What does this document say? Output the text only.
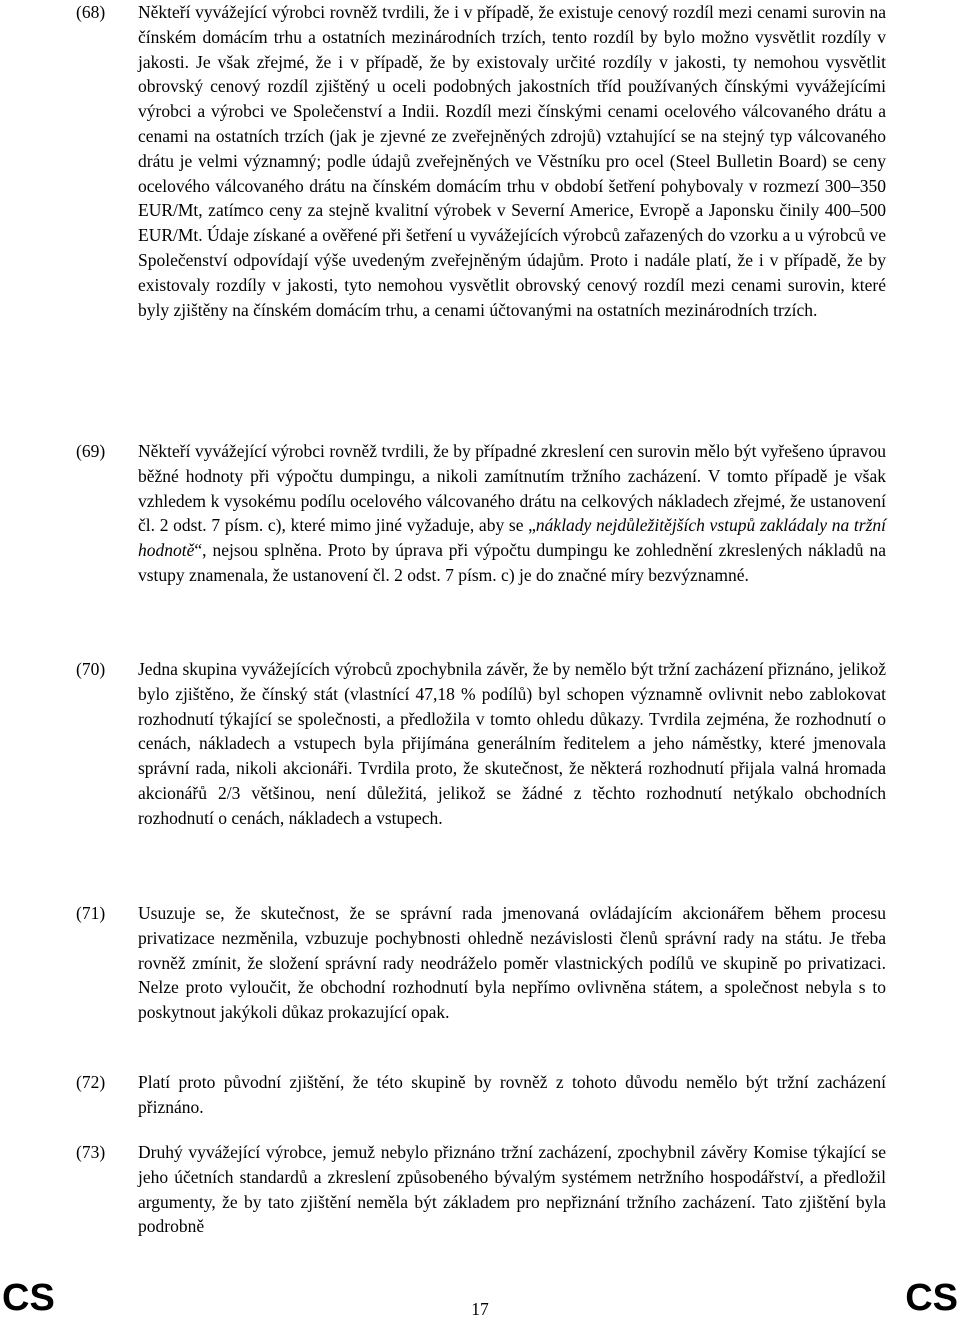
(68) Někteří vyvážející výrobci rovněž tvrdili, že i v případě, že existuje cenový rozdíl mezi cenami surovin na čínském domácím trhu a ostatních mezinárodních trzích, tento rozdíl by bylo možno vysvětlit rozdíly v jakosti. Je však zřejmé, že i v případě, že by existovaly určité rozdíly v jakosti, ty nemohou vysvětlit obrovský cenový rozdíl zjištěný u oceli podobných jakostních tříd používaných čínskými vyvážejícími výrobci a výrobci ve Společenství a Indii. Rozdíl mezi čínskými cenami ocelového válcovaného drátu a cenami na ostatních trzích (jak je zjevné ze zveřejněných zdrojů) vztahující se na stejný typ válcovaného drátu je velmi významný; podle údajů zveřejněných ve Věstníku pro ocel (Steel Bulletin Board) se ceny ocelového válcovaného drátu na čínském domácím trhu v období šetření pohybovaly v rozmezí 300–350 EUR/Mt, zatímco ceny za stejně kvalitní výrobek v Severní Americe, Evropě a Japonsku činily 400–500 EUR/Mt. Údaje získané a ověřené při šetření u vyvážejících výrobců zařazených do vzorku a u výrobců ve Společenství odpovídají výše uvedeným zveřejněným údajům. Proto i nadále platí, že i v případě, že by existovaly rozdíly v jakosti, tyto nemohou vysvětlit obrovský cenový rozdíl mezi cenami surovin, které byly zjištěny na čínském domácím trhu, a cenami účtovanými na ostatních mezinárodních trzích.
(69) Někteří vyvážející výrobci rovněž tvrdili, že by případné zkreslení cen surovin mělo být vyřešeno úpravou běžné hodnoty při výpočtu dumpingu, a nikoli zamítnutím tržního zacházení. V tomto případě je však vzhledem k vysokému podílu ocelového válcovaného drátu na celkových nákladech zřejmé, že ustanovení čl. 2 odst. 7 písm. c), které mimo jiné vyžaduje, aby se „náklady nejdůležitějších vstupů zakládaly na tržní hodnotě“, nejsou splněna. Proto by úprava při výpočtu dumpingu ke zohlednění zkreslených nákladů na vstupy znamenala, že ustanovení čl. 2 odst. 7 písm. c) je do značné míry bezvýznamné.
(70) Jedna skupina vyvážejících výrobců zpochybnila závěr, že by nemělo být tržní zacházení přiznáno, jelikož bylo zjištěno, že čínský stát (vlastnící 47,18 % podílů) byl schopen významně ovlivnit nebo zablokovat rozhodnutí týkající se společnosti, a předložila v tomto ohledu důkazy. Tvrdila zejména, že rozhodnutí o cenách, nákladech a vstupech byla přijímána generálním ředitelem a jeho náměstky, které jmenovala správní rada, nikoli akcionáři. Tvrdila proto, že skutečnost, že některá rozhodnutí přijala valná hromada akcionářů 2/3 většinou, není důležitá, jelikož se žádné z těchto rozhodnutí netýkalo obchodních rozhodnutí o cenách, nákladech a vstupech.
(71) Usuzuje se, že skutečnost, že se správní rada jmenovaná ovládajícím akcionářem během procesu privatizace nezměnila, vzbuzuje pochybnosti ohledně nezávislosti členů správní rady na státu. Je třeba rovněž zmínit, že složení správní rady neodráželo poměr vlastnických podílů ve skupině po privatizaci. Nelze proto vyloučit, že obchodní rozhodnutí byla nepřímo ovlivněna státem, a společnost nebyla s to poskytnout jakýkoli důkaz prokazující opak.
(72) Platí proto původní zjištění, že této skupině by rovněž z tohoto důvodu nemělo být tržní zacházení přiznáno.
(73) Druhý vyvážející výrobce, jemuž nebylo přiznáno tržní zacházení, zpochybnil závěry Komise týkající se jeho účetních standardů a zkreslení způsobeného bývalým systémem netržního hospodářství, a předložil argumenty, že by tato zjištění neměla být základem pro nepřiznání tržního zacházení. Tato zjištění byla podrobně
CS	17	CS
